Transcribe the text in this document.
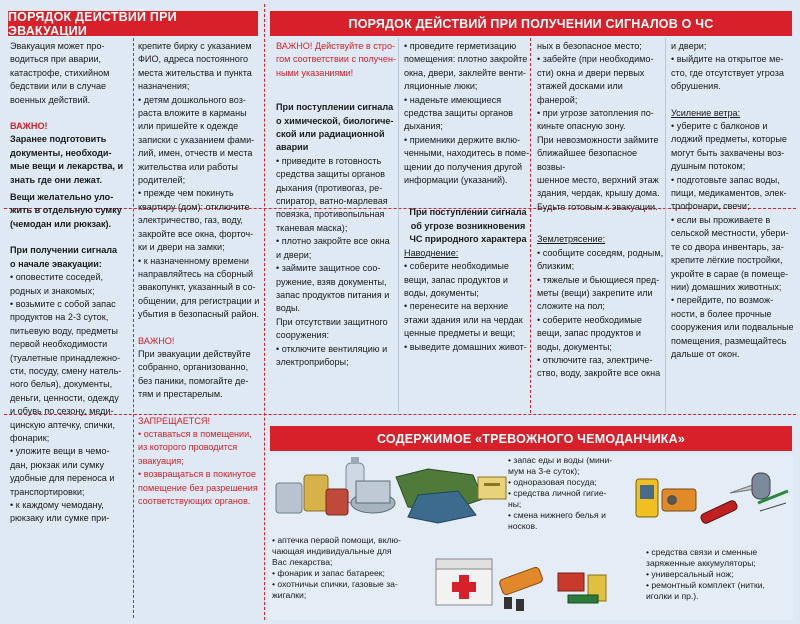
ПОРЯДОК ДЕЙСТВИЙ ПРИ ЭВАКУАЦИИ	ПОРЯДОК ДЕЙСТВИЙ ПРИ ПОЛУЧЕНИИ СИГНАЛОВ О ЧС

Эвакуация может про-

водиться при аварии,

катастрофе, стихийном

бедствии или в случае

военных действий.

ВАЖНО!

Заранее подготовить

документы, необходи-

мые вещи и лекарства, и

знать где они лежат.

Вещи желательно уло-

жить в отдельную сумку

(чемодан или рюкзак).

При получении сигнала

о начале эвакуации:

• оповестите соседей,

родных и знакомых;

• возьмите с собой запас

продуктов на 2-3 суток,

питьевую воду, предметы

первой необходимости

(туалетные принадлежно-

сти, посуду, смену натель-

ного белья), документы,

деньги, ценности, одежду

и обувь по сезону, меди-

цинскую аптечку, спички,

фонарик;

• уложите вещи в чемо-

дан, рюкзак или сумку

удобные для переноса и

транспортировки;

• к каждому чемодану,

рюкзаку или сумке при-

крепите бирку с указанием

ФИО, адреса постоянного

места жительства и пункта

назначения;

• детям дошкольного воз-

раста вложите в карманы

или пришейте к одежде

записки с указанием фами-

лий, имен, отчеств и места

жительства или работы

родителей;

• прежде чем покинуть

квартиру (дом): отключите

электричество, газ, воду,

закройте все окна, форточ-

ки и двери на замки;

• к назначенному времени

направляйтесь на сборный

эвакопункт, указанный в со-

общении, для регистрации и

убытия в безопасный район.

ВАЖНО!

При эвакуации действуйте

собранно, организованно,

без паники, помогайте де-

тям и престарелым.

ЗАПРЕЩАЕТСЯ!

• оставаться в помещении,

из которого проводится

эвакуация;

• возвращаться в покинутое

помещение без разрешения

соответствующих органов.

ВАЖНО! Действуйте в стро-

гом соответствии с получен-

ными указаниями!

При поступлении сигнала

о химической, биологиче-

ской или радиационной

аварии

• приведите в готовность

средства защиты органов

дыхания (противогаз, ре-

спиратор, ватно-марлевая

повязка, противопыльная

тканевая маска);

• плотно закройте все окна

и двери;

• займите защитное соо-

ружение, взяв документы,

запас продуктов питания и

воды.

При отсутствии защитного

сооружения:

• отключите вентиляцию и

электроприборы;

• проведите герметизацию

помещения: плотно закройте

окна, двери, заклейте венти-

ляционные люки;

• наденьте имеющиеся

средства защиты органов

дыхания;

• приемники держите вклю-

ченными, находитесь в поме-

щении до получения другой

информации (указаний).

При поступлении сигнала

об угрозе возникновения

ЧС природного характера

Наводнение:

• соберите необходимые

вещи, запас продуктов и

воды, документы;

• перенесите на верхние

этажи здания или на чердак

ценные предметы и вещи;

• выведите домашних живот-

ных в безопасное место;

• забейте (при необходимо-

сти) окна и двери первых

этажей досками или фанерой;

• при угрозе затопления по-

киньте опасную зону.

При невозможности займите

ближайшее безопасное возвы-

шенное место, верхний этаж

здания, чердак, крышу дома.

Будьте готовым к эвакуации.

Землетрясение:

• сообщите соседям, родным,

близким;

• тяжелые и бьющиеся пред-

меты (вещи) закрепите или

сложите на пол;

• соберите необходимые

вещи, запас продуктов и

воды, документы;

• отключите газ, электриче-

ство, воду, закройте все окна

и двери;

• выйдите на открытое ме-

сто, где отсутствует угроза

обрушения.

Усиление ветра:

• уберите с балконов и

лоджий предметы, которые

могут быть захвачены воз-

душным потоком;

• подготовьте запас воды,

пищи, медикаментов, элек-

трофонари, свечи;

• если вы проживаете в

сельской местности, убери-

те со двора инвентарь, за-

крепите лёгкие постройки,

укройте в сарае (в помеще-

нии) домашних животных;

• перейдите, по возмож-

ности, в более прочные

сооружения или подвальные

помещения, размещайтесь

дальше от окон.

СОДЕРЖИМОЕ «ТРЕВОЖНОГО ЧЕМОДАНЧИКА»

• запас еды и воды (мини-

мум на 3-е суток);

• одноразовая посуда;

• средства личной гигие-

ны;

• смена нижнего белья и

носков.

• аптечка первой помощи, вклю-

чающая индивидуальные для

Вас лекарства;

• фонарик и запас батареек;

• охотничьи спички, газовые за-

жигалки;

• средства связи и сменные

заряженные аккумуляторы;

• универсальный нож;

• ремонтный комплект (нитки,

иголки и пр.).
